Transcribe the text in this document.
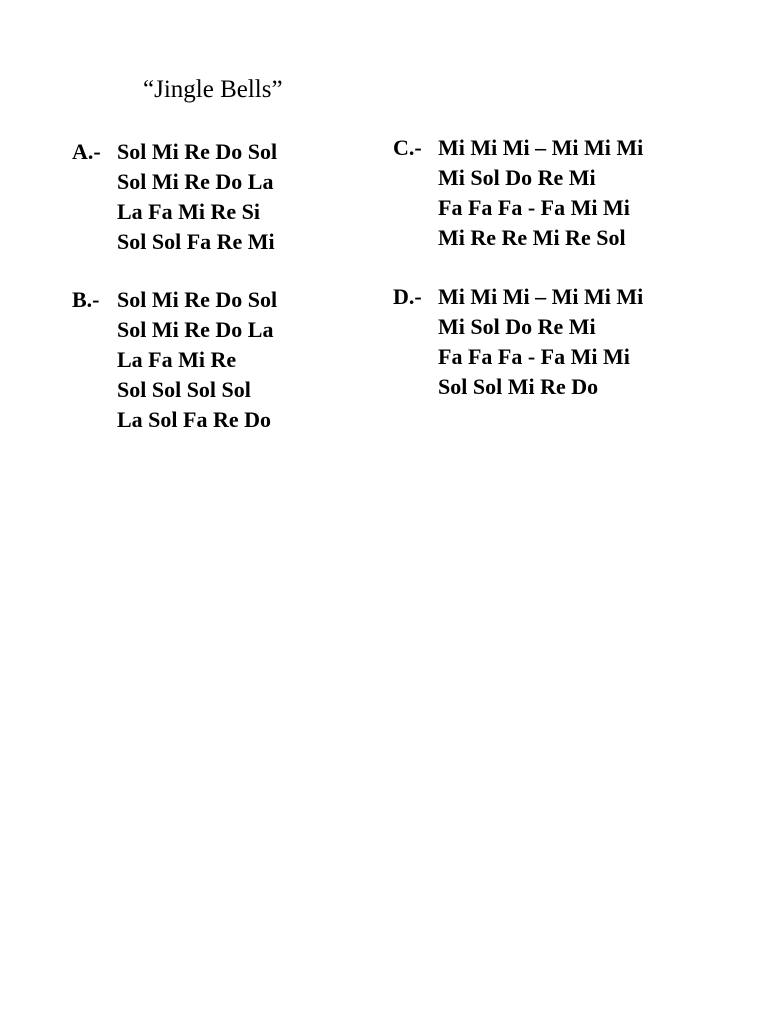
“Jingle Bells”
A.- Sol Mi Re Do Sol
Sol Mi Re Do La
La Fa Mi Re Si
Sol Sol Fa Re Mi
B.- Sol Mi Re Do Sol
Sol Mi Re Do La
La Fa Mi Re
Sol Sol Sol Sol
La Sol Fa Re Do
C.- Mi Mi Mi – Mi Mi Mi
Mi Sol Do Re Mi
Fa Fa Fa - Fa Mi Mi
Mi Re Re Mi Re Sol
D.- Mi Mi Mi – Mi Mi Mi
Mi Sol Do Re Mi
Fa Fa Fa - Fa Mi Mi
Sol Sol Mi Re Do
